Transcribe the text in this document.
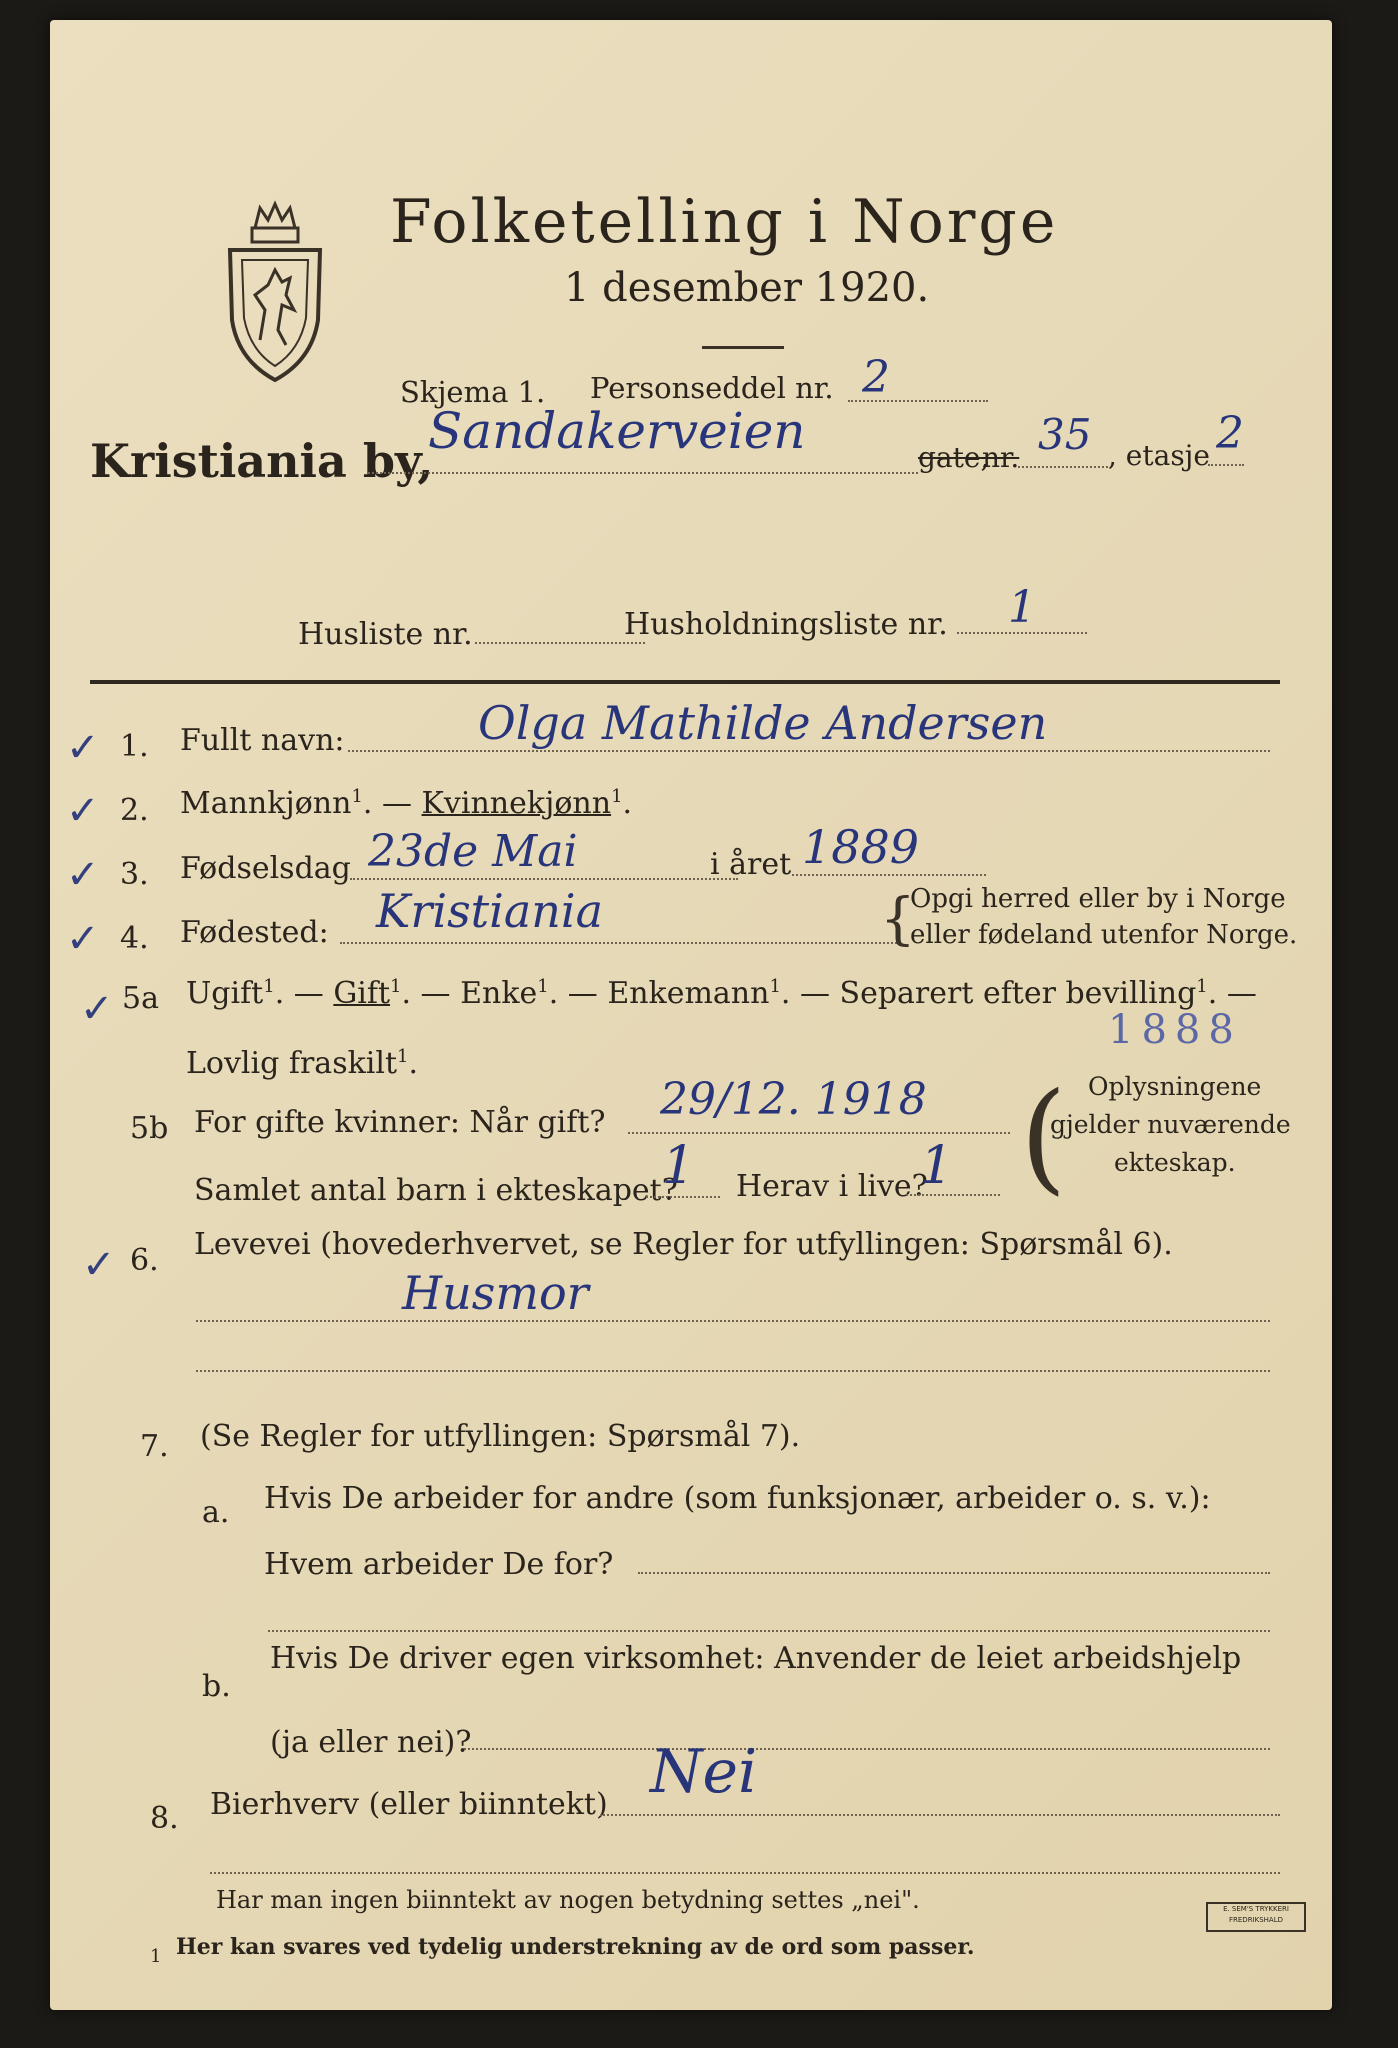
Folketelling i Norge
1 desember 1920.
Skjema 1. Personseddel nr. 2
Kristiania by,
Sandakerveien	gate,
nr. 35 , etasje 2
Husliste nr.	Husholdningsliste nr. 1
✓ 1. Fullt navn:	Olga Mathilde Andersen
✓ 2. Mannkjønn$^1$. — Kvinnekjønn$^1$.
✓ 3. Fødselsdag 23de Mai	i året 1889
✓ 4. Fødested: Kristiania	{
Opgi herred eller by i Norge
eller fødeland utenfor Norge.
✓ 5a Ugift$^1$. — Gift$^1$. — Enke$^1$. — Enkemann$^1$. — Separert efter bevilling$^1$. —
Lovlig fraskilt$^1$.
1888
5b For gifte kvinner: Når gift? 29/12. 1918
Samlet antal barn i ekteskapet?
1 Herav i live?
1 ( Oplysningene
gjelder nuværende
ekteskap.
✓ 6. Levevei (hovederhvervet, se Regler for utfyllingen: Spørsmål 6).
Husmor
7. (Se Regler for utfyllingen: Spørsmål 7).
a. Hvis De arbeider for andre (som funksjonær, arbeider o. s. v.):
Hvem arbeider De for?
b.
Hvis De driver egen virksomhet: Anvender de leiet arbeidshjelp
(ja eller nei)?
8. Bierhverv (eller biinntekt) Nei
Har man ingen biinntekt av nogen betydning settes „nei".
1 Her kan svares ved tydelig understrekning av de ord som passer.
E. SEM'S TRYKKERI
FREDRIKSHALD
